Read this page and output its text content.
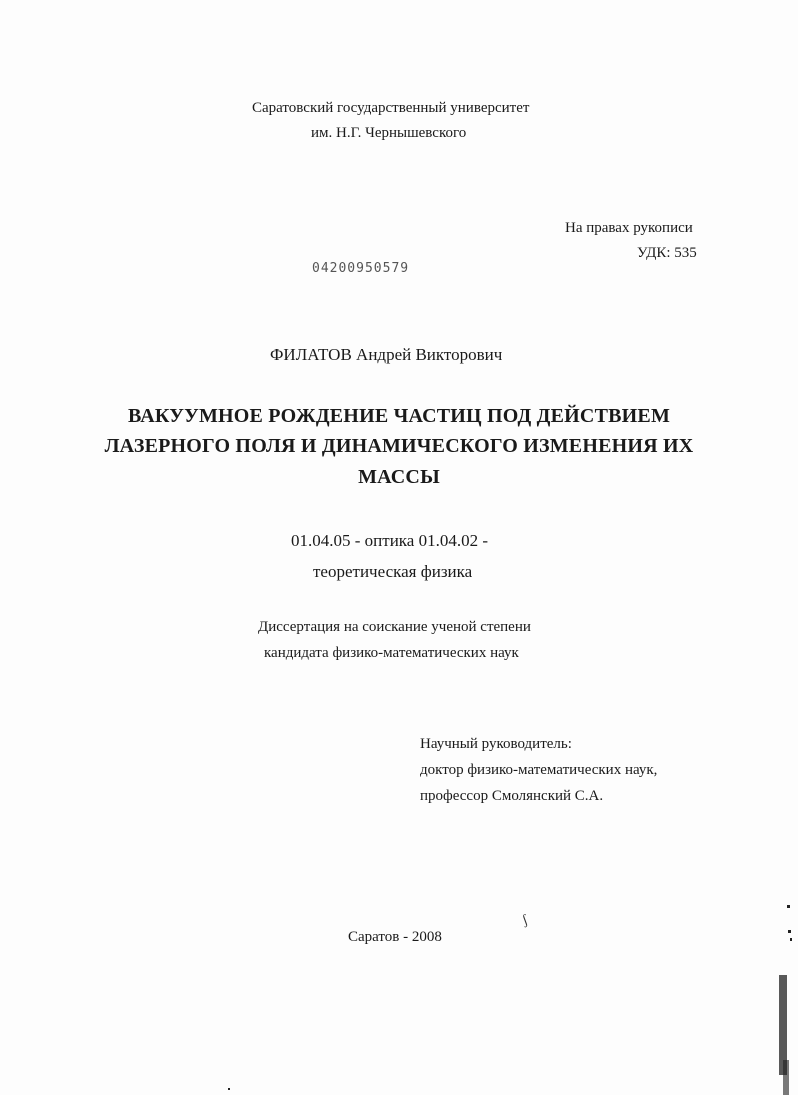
Саратовский государственный университет
им. Н.Г. Чернышевского
На правах рукописи
УДК: 535
04200950579
ФИЛАТОВ Андрей Викторович
ВАКУУМНОЕ РОЖДЕНИЕ ЧАСТИЦ ПОД ДЕЙСТВИЕМ
ЛАЗЕРНОГО ПОЛЯ И ДИНАМИЧЕСКОГО ИЗМЕНЕНИЯ ИХ
МАССЫ
01.04.05 - оптика 01.04.02 -
теоретическая физика
Диссертация на соискание ученой степени
кандидата физико-математических наук
Научный руководитель:
доктор физико-математических наук,
профессор Смолянский С.А.
Саратов - 2008
ʃ
